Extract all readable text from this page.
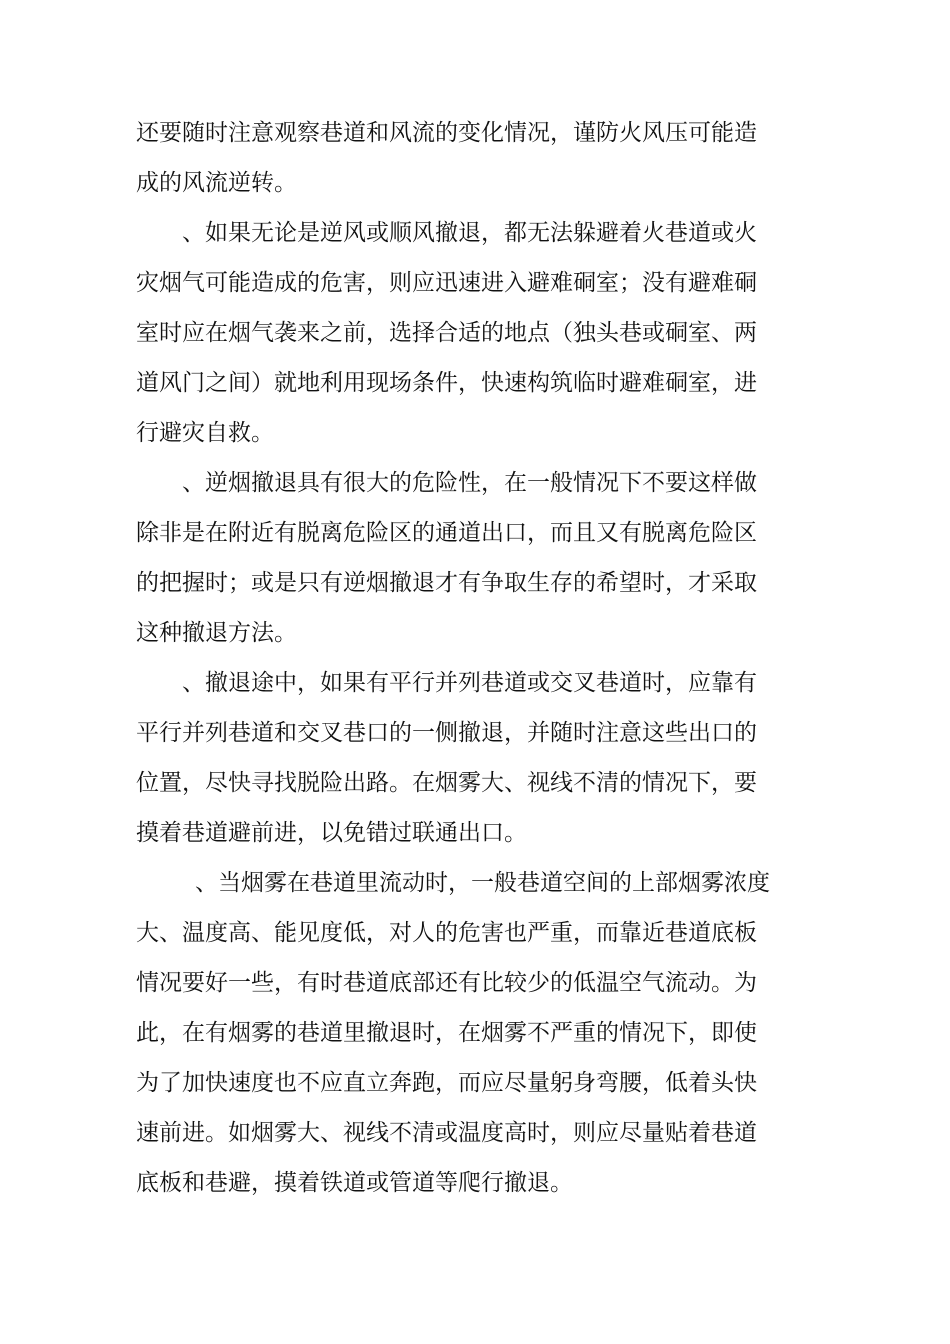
还要随时注意观察巷道和风流的变化情况，谨防火风压可能造
成的风流逆转。
、如果无论是逆风或顺风撤退，都无法躲避着火巷道或火
灾烟气可能造成的危害，则应迅速进入避难硐室；没有避难硐
室时应在烟气袭来之前，选择合适的地点（独头巷或硐室、两
道风门之间）就地利用现场条件，快速构筑临时避难硐室，进
行避灾自救。
、逆烟撤退具有很大的危险性，在一般情况下不要这样做
除非是在附近有脱离危险区的通道出口，而且又有脱离危险区
的把握时；或是只有逆烟撤退才有争取生存的希望时，才采取
这种撤退方法。
、撤退途中，如果有平行并列巷道或交叉巷道时，应靠有
平行并列巷道和交叉巷口的一侧撤退，并随时注意这些出口的
位置，尽快寻找脱险出路。在烟雾大、视线不清的情况下，要
摸着巷道避前进，以免错过联通出口。
、当烟雾在巷道里流动时，一般巷道空间的上部烟雾浓度
大、温度高、能见度低，对人的危害也严重，而靠近巷道底板
情况要好一些，有时巷道底部还有比较少的低温空气流动。为
此，在有烟雾的巷道里撤退时，在烟雾不严重的情况下，即使
为了加快速度也不应直立奔跑，而应尽量躬身弯腰，低着头快
速前进。如烟雾大、视线不清或温度高时，则应尽量贴着巷道
底板和巷避，摸着铁道或管道等爬行撤退。
